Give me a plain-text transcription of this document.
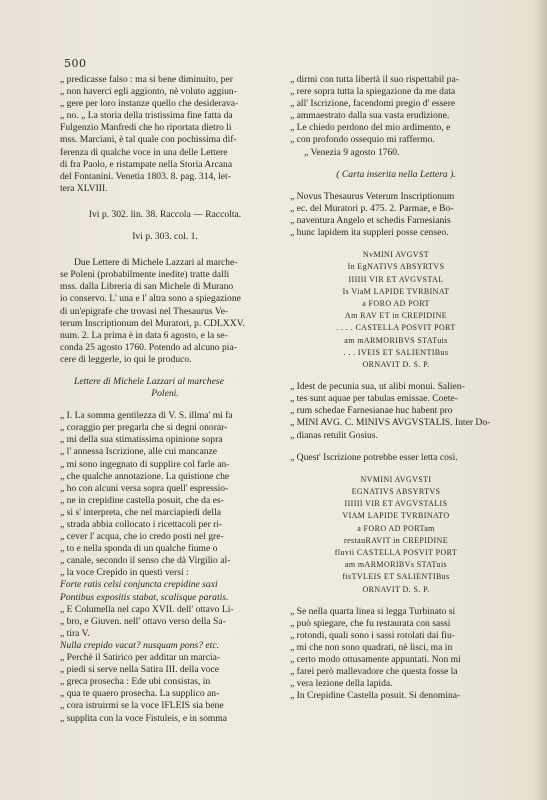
500

„ predicasse falso : ma si bene diminuito, per

„ non haverci egli aggionto, nè voluto aggiun-

„ gere per loro instanze quello che desiderava-

„ no. „ La storia della tristissima fine fatta da

Fulgenzio Manfredi che ho riportata dietro li

mss. Marciani, è tal quale con pochissima dif-

ferenza di qualche voce in una delle Lettere

di fra Paolo, e ristampate nella Storia Arcana

del Fontanini. Venetia 1803. 8. pag. 314, let-

tera XLVIII.

Ivi p. 302. lin. 38. Raccola — Raccolta.

Ivi p. 303. col. 1.

Due Lettere di Michele Lazzari al marche-

se Poleni (probabilmente inedite) tratte dalli

mss. dalla Libreria di san Michele di Murano

io conservo. L' una e l' altra sono a spiegazione

di un'epigrafe che trovasi nel Thesaurus Ve-

terum Inscriptionum del Muratori, p. CDLXXV.

num. 2. La prima è in data 6 agosto, e la se-

conda 25 agosto 1760. Potendo ad alcuno pia-

cere di leggerle, io qui le produco.

Lettere di Michele Lazzari al marchese

Poleni.

„ I. La somma gentilezza di V. S. illma' mi fa

„ coraggio per pregarla che si degni onorar-

„ mi della sua stimatissima opinione sopra

„ l' annessa Iscrizione, alle cui mancanze

„ mi sono ingegnato di supplire col farle an-

„ che qualche annotazione. La quistione che

„ ho con alcuni versa sopra quell' espressio-

„ ne in crepidine castella posuit, che da es-

„ si s' interpreta, che nel marciapiedi della

„ strada abbia collocato i ricettacoli per ri-

„ cever l' acqua, che io credo posti nel gre-

„ to e nella sponda di un qualche fiume o

„ canale, secondo il senso che dà Virgilio al-

„ la voce Crepido in questi versi :

Forte ratis celsi conjuncta crepidine saxi

Pontibus expositis stabat, scalisque paratis.

„ E Columella nel capo XVII. dell' ottavo Li-

„ bro, e Giuven. nell' ottavo verso della Sa-

„ tira V.

Nulla crepido vacat? nusquam pons? etc.

„ Perchè il Satirico per additar un marcia-

„ piedi si serve nella Satira III. della voce

„ greca prosecha : Ede ubi consistas, in

„ qua te quaero prosecha. La supplico an-

„ cora istruirmi se la voce IFLEIS sia bene

„ supplita con la voce Fistuleis, e in somma

„ dirmi con tutta libertà il suo rispettabil pa-

„ rere sopra tutta la spiegazione da me data

„ all' Iscrizione, facendomi pregio d' essere

„ ammaestrato dalla sua vasta erudizione.

„ Le chiedo perdono del mio ardimento, e

„ con profondo ossequio mi raffermo.

„ Venezia 9 agosto 1760.

( Carta inserita nella Lettera ).

„ Novus Thesaurus Veterum Inscriptionum

„ ec. del Muratori p. 475. 2. Parmae, e Bo-

„ naventura Angelo et schedis Farnesianis

„ hunc lapidem ita suppleri posse censeo.

NvMINI AVGVST
In EgNATIVS ABSYRTVS
IIIIII VIR ET AVGVSTAL
Is ViaM LAPIDE TVRBINAT
a FORO AD PORT
Am RAV ET in CREPIDINE
. . . . CASTELLA POSVIT PORT
am mARMORIBVS STATuis
. . . IVEIS ET SALIENTIBus
ORNAVIT D. S. P.

„ Idest de pecunia sua, ut alibi monui. Salien-

„ tes sunt aquae per tabulas emissae. Coete-

„ rum schedae Farnesianae huc habent pro

„ MINI AVG. C. MINIVS AVGVSTALIS. Inter Do-

„ dianas retulit Gosius.

„ Quest' Iscrizione potrebbe esser letta così.

NVMINI AVGVSTI
EGNATIVS ABSYRTVS
IIIIII VIR ET AVGVSTALIS
VIAM LAPIDE TVRBINATO
a FORO AD PORTam
restauRAVIT in CREPIDINE
fluvii CASTELLA POSVIT PORT
am mARMORIBVs STATuis
fisTVLEIS ET SALIENTIBus
ORNAVIT D. S. P.

„ Se nella quarta linea si legga Turbinato si

„ può spiegare, che fu restaurata con sassi

„ rotondi, quali sono i sassi rotolati dai fiu-

„ mi che non sono quadrati, nè lisci, ma in

„ certo modo ottusamente appuntati. Non mi

„ farei però mallevadore che questa fosse la

„ vera lezione della lapida.

„ In Crepidine Castella posuit. Si denomina-
